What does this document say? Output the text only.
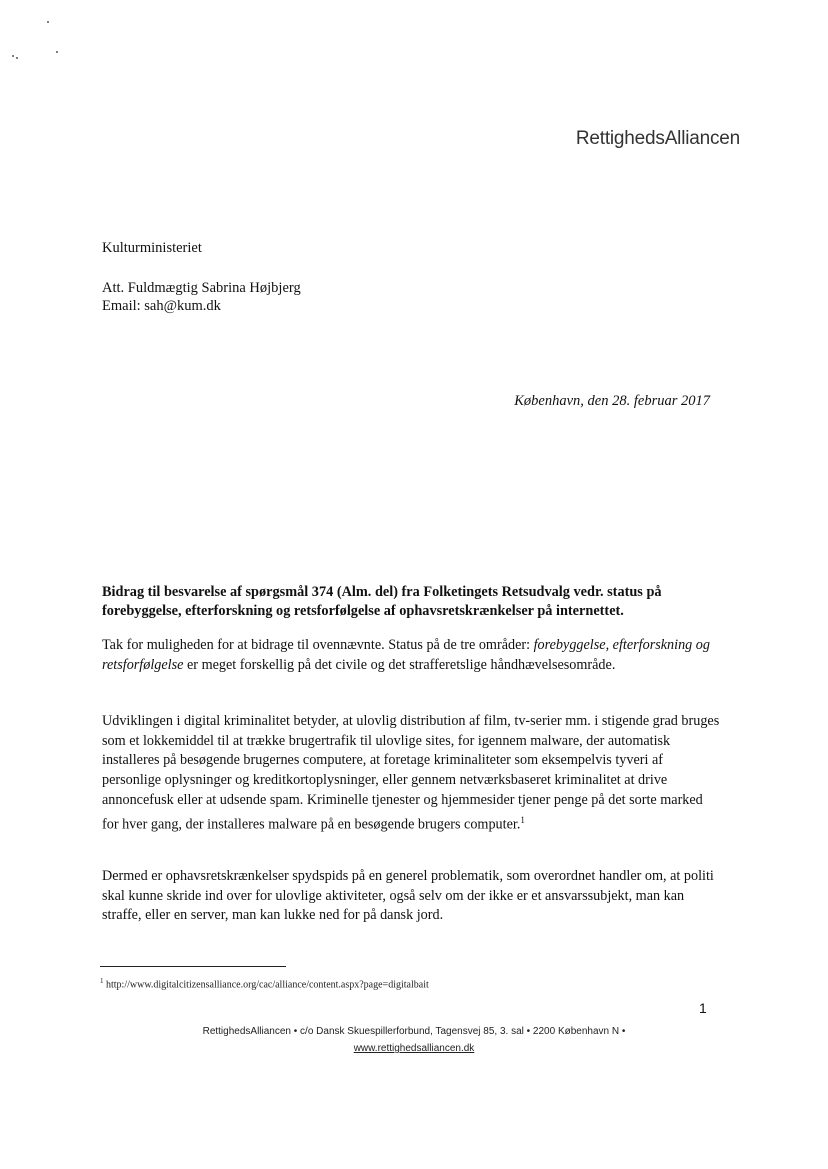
RettighedsAlliancen
Kulturministeriet
Att. Fuldmægtig Sabrina Højbjerg
Email: sah@kum.dk
København, den 28. februar 2017
Bidrag til besvarelse af spørgsmål 374 (Alm. del) fra Folketingets Retsudvalg vedr. status på forebyggelse, efterforskning og retsforfølgelse af ophavsretskrænkelser på internettet.

Tak for muligheden for at bidrage til ovennævnte. Status på de tre områder: forebyggelse, efterforskning og retsforfølgelse er meget forskellig på det civile og det strafferetslige håndhævelsesområde.

Udviklingen i digital kriminalitet betyder, at ulovlig distribution af film, tv-serier mm. i stigende grad bruges som et lokkemiddel til at trække brugertrafik til ulovlige sites, for igennem malware, der automatisk installeres på besøgende brugernes computere, at foretage kriminaliteter som eksempelvis tyveri af personlige oplysninger og kreditkortoplysninger, eller gennem netværksbaseret kriminalitet at drive annoncefusk eller at udsende spam. Kriminelle tjenester og hjemmesider tjener penge på det sorte marked for hver gang, der installeres malware på en besøgende brugers computer.$^1$

Dermed er ophavsretskrænkelser spydspids på en generel problematik, som overordnet handler om, at politi skal kunne skride ind over for ulovlige aktiviteter, også selv om der ikke er et ansvarssubjekt, man kan straffe, eller en server, man kan lukke ned for på dansk jord.

$^1$ http://www.digitalcitizensalliance.org/cac/alliance/content.aspx?page=digitalbait
1
RettighedsAlliancen • c/o Dansk Skuespillerforbund, Tagensvej 85, 3. sal • 2200 København N •
www.rettighedsalliancen.dk
